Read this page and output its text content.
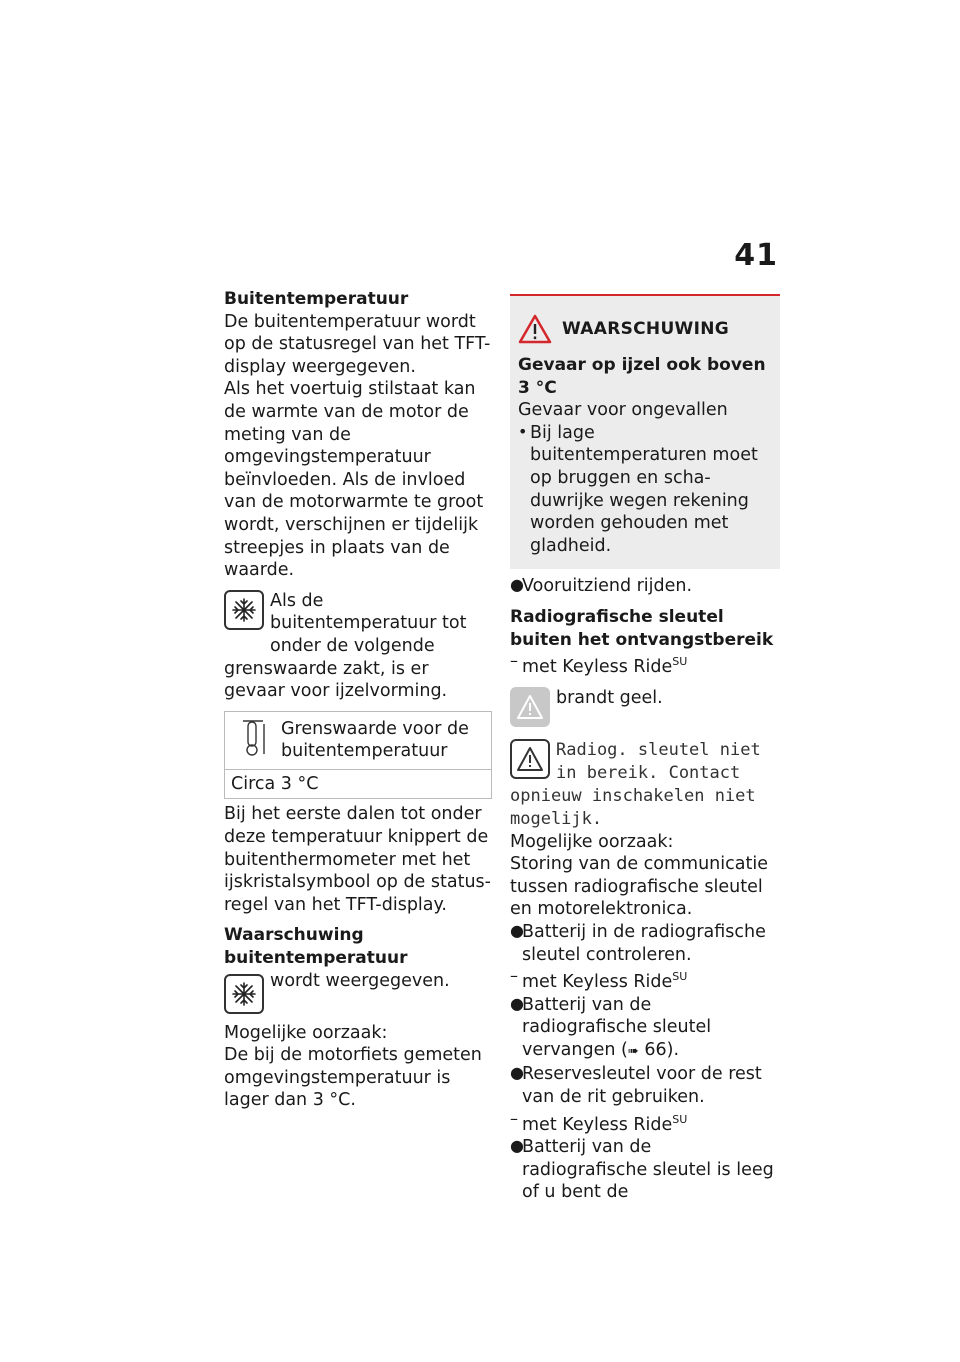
41

Buitentemperatuur

De buitentemperatuur wordt op de statusregel van het TFT-display weergegeven.

Als het voertuig stilstaat kan de warmte van de motor de meting van de omgevingstemperatuur beïnvloeden. Als de invloed van de motorwarmte te groot wordt, verschijnen er tijdelijk streepjes in plaats van de waarde.

Als de buitentemperatuur tot onder de volgende

grenswaarde zakt, is er gevaar voor ijzelvorming.

Grenswaarde voor de buitentemperatuur

Circa 3 °C

Bij het eerste dalen tot onder deze temperatuur knippert de buitenthermometer met het ijskristalsymbool op de statusregel van het TFT-display.

Waarschuwing buitentemperatuur

wordt weergegeven.

Mogelijke oorzaak:

De bij de motorfiets gemeten omgevingstemperatuur is lager dan 3 °C.

WAARSCHUWING

Gevaar op ijzel ook boven 3 °C

Gevaar voor ongevallen

• Bij lage buitentemperaturen moet op bruggen en schaduwrijke wegen rekening worden gehouden met gladheid.

●

Vooruitziend rijden.

Radiografische sleutel buiten het ontvangstbereik

– met Keyless Ride$^{SU}$

brandt geel.

Radiog. sleutel niet in bereik. Contact

opnieuw inschakelen niet mogelijk.

Mogelijke oorzaak:

Storing van de communicatie tussen radiografische sleutel en motorelektronica.

●

Batterij in de radiografische sleutel controleren.

– met Keyless Ride$^{SU}$

●

Batterij van de radiografische sleutel vervangen (➠ 66).

●

Reservesleutel voor de rest van de rit gebruiken.

– met Keyless Ride$^{SU}$

●

Batterij van de radiografische sleutel is leeg of u bent de
